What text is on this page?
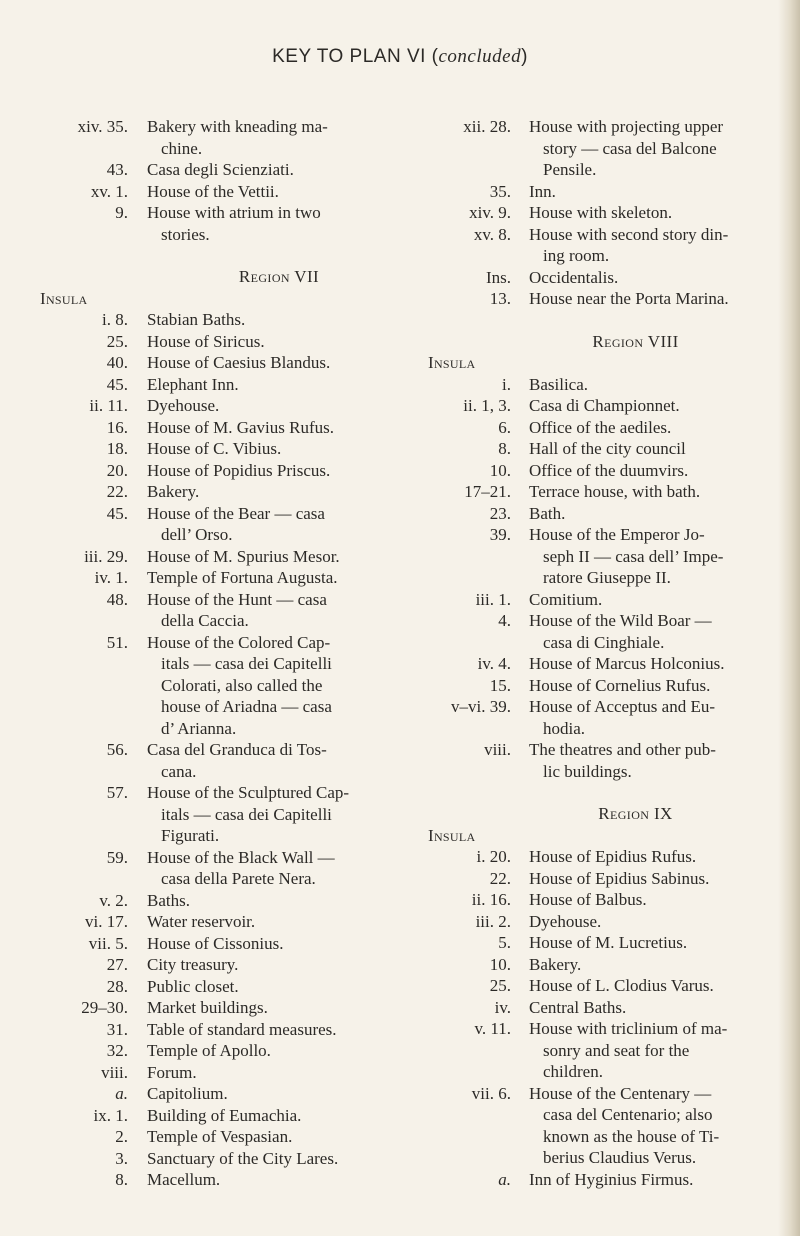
KEY TO PLAN VI (concluded)
xiv. 35. Bakery with kneading ma-
chine.
43. Casa degli Scienziati.
xv. 1. House of the Vettii.
9. House with atrium in two
stories.
Region VII
Insula
i. 8. Stabian Baths.
25. House of Siricus.
40. House of Caesius Blandus.
45. Elephant Inn.
ii. 11. Dyehouse.
16. House of M. Gavius Rufus.
18. House of C. Vibius.
20. House of Popidius Priscus.
22. Bakery.
45. House of the Bear — casa
dell’ Orso.
iii. 29. House of M. Spurius Mesor.
iv. 1. Temple of Fortuna Augusta.
48. House of the Hunt — casa
della Caccia.
51. House of the Colored Cap-
itals — casa dei Capitelli
Colorati, also called the
house of Ariadna — casa
d’ Arianna.
56. Casa del Granduca di Tos-
cana.
57. House of the Sculptured Cap-
itals — casa dei Capitelli
Figurati.
59. House of the Black Wall —
casa della Parete Nera.
v. 2. Baths.
vi. 17. Water reservoir.
vii. 5. House of Cissonius.
27. City treasury.
28. Public closet.
29–30. Market buildings.
31. Table of standard measures.
32. Temple of Apollo.
viii. Forum.
a. Capitolium.
ix. 1. Building of Eumachia.
2. Temple of Vespasian.
3. Sanctuary of the City Lares.
8. Macellum.
xii. 28. House with projecting upper
story — casa del Balcone
Pensile.
35. Inn.
xiv. 9. House with skeleton.
xv. 8. House with second story din-
ing room.
Ins. Occidentalis.
13. House near the Porta Marina.
Region VIII
Insula
i. Basilica.
ii. 1, 3. Casa di Championnet.
6. Office of the aediles.
8. Hall of the city council
10. Office of the duumvirs.
17–21. Terrace house, with bath.
23. Bath.
39. House of the Emperor Jo-
seph II — casa dell’ Impe-
ratore Giuseppe II.
iii. 1. Comitium.
4. House of the Wild Boar —
casa di Cinghiale.
iv. 4. House of Marcus Holconius.
15. House of Cornelius Rufus.
v–vi. 39. House of Acceptus and Eu-
hodia.
viii. The theatres and other pub-
lic buildings.
Region IX
Insula
i. 20. House of Epidius Rufus.
22. House of Epidius Sabinus.
ii. 16. House of Balbus.
iii. 2. Dyehouse.
5. House of M. Lucretius.
10. Bakery.
25. House of L. Clodius Varus.
iv. Central Baths.
v. 11. House with triclinium of ma-
sonry and seat for the
children.
vii. 6. House of the Centenary —
casa del Centenario; also
known as the house of Ti-
berius Claudius Verus.
a. Inn of Hyginius Firmus.
